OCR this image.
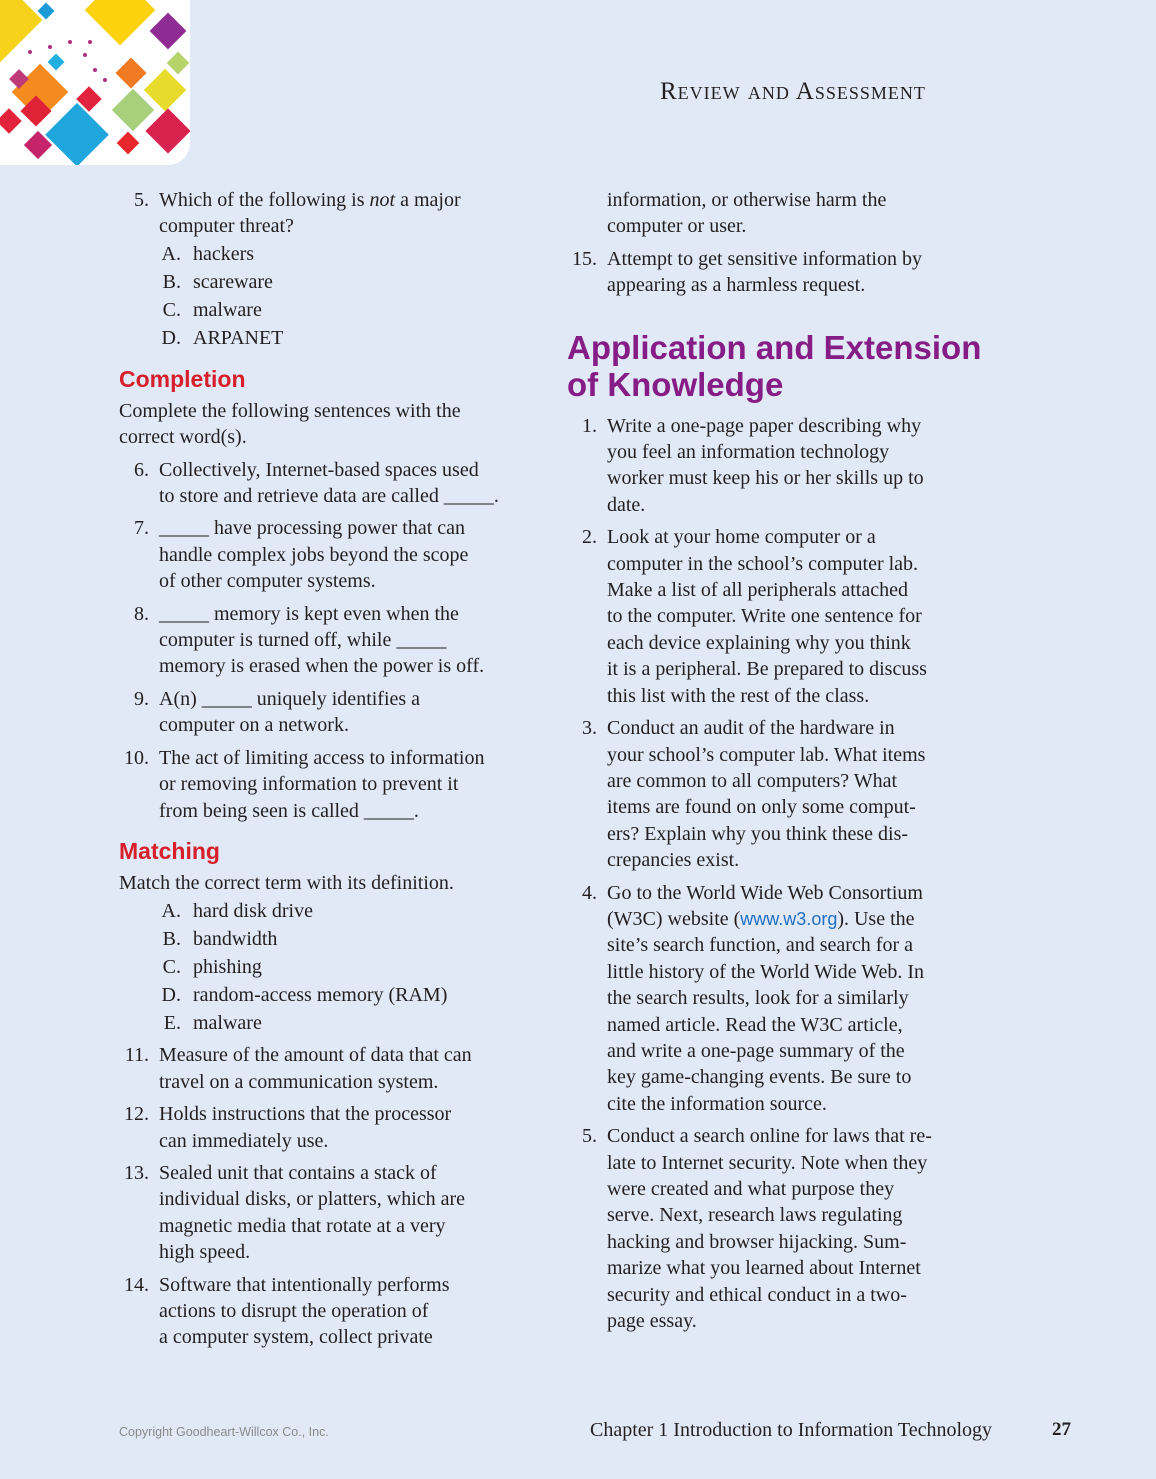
Review and Assessment
5. Which of the following is not a major
computer threat?
A. hackers
B. scareware
C. malware
D. ARPANET
Completion
Complete the following sentences with the
correct word(s).
6. Collectively, Internet-based spaces used
to store and retrieve data are called _____.
7. _____ have processing power that can
handle complex jobs beyond the scope
of other computer systems.
8. _____ memory is kept even when the
computer is turned off, while _____
memory is erased when the power is off.
9. A(n) _____ uniquely identifies a
computer on a network.
10. The act of limiting access to information
or removing information to prevent it
from being seen is called _____.
Matching
Match the correct term with its definition.
A. hard disk drive
B. bandwidth
C. phishing
D. random-access memory (RAM)
E. malware
11. Measure of the amount of data that can
travel on a communication system.
12. Holds instructions that the processor
can immediately use.
13. Sealed unit that contains a stack of
individual disks, or platters, which are
magnetic media that rotate at a very
high speed.
14. Software that intentionally performs
actions to disrupt the operation of
a computer system, collect private
information, or otherwise harm the
computer or user.
15. Attempt to get sensitive information by
appearing as a harmless request.
Application and Extension
of Knowledge
1. Write a one-page paper describing why
you feel an information technology
worker must keep his or her skills up to
date.
2. Look at your home computer or a
computer in the school’s computer lab.
Make a list of all peripherals attached
to the computer. Write one sentence for
each device explaining why you think
it is a peripheral. Be prepared to discuss
this list with the rest of the class.
3. Conduct an audit of the hardware in
your school’s computer lab. What items
are common to all computers? What
items are found on only some comput-
ers? Explain why you think these dis-
crepancies exist.
4. Go to the World Wide Web Consortium
(W3C) website (www.w3.org). Use the
site’s search function, and search for a
little history of the World Wide Web. In
the search results, look for a similarly
named article. Read the W3C article,
and write a one-page summary of the
key game-changing events. Be sure to
cite the information source.
5. Conduct a search online for laws that re-
late to Internet security. Note when they
were created and what purpose they
serve. Next, research laws regulating
hacking and browser hijacking. Sum-
marize what you learned about Internet
security and ethical conduct in a two-
page essay.
Copyright Goodheart-Willcox Co., Inc.	Chapter 1 Introduction to Information Technology	27
